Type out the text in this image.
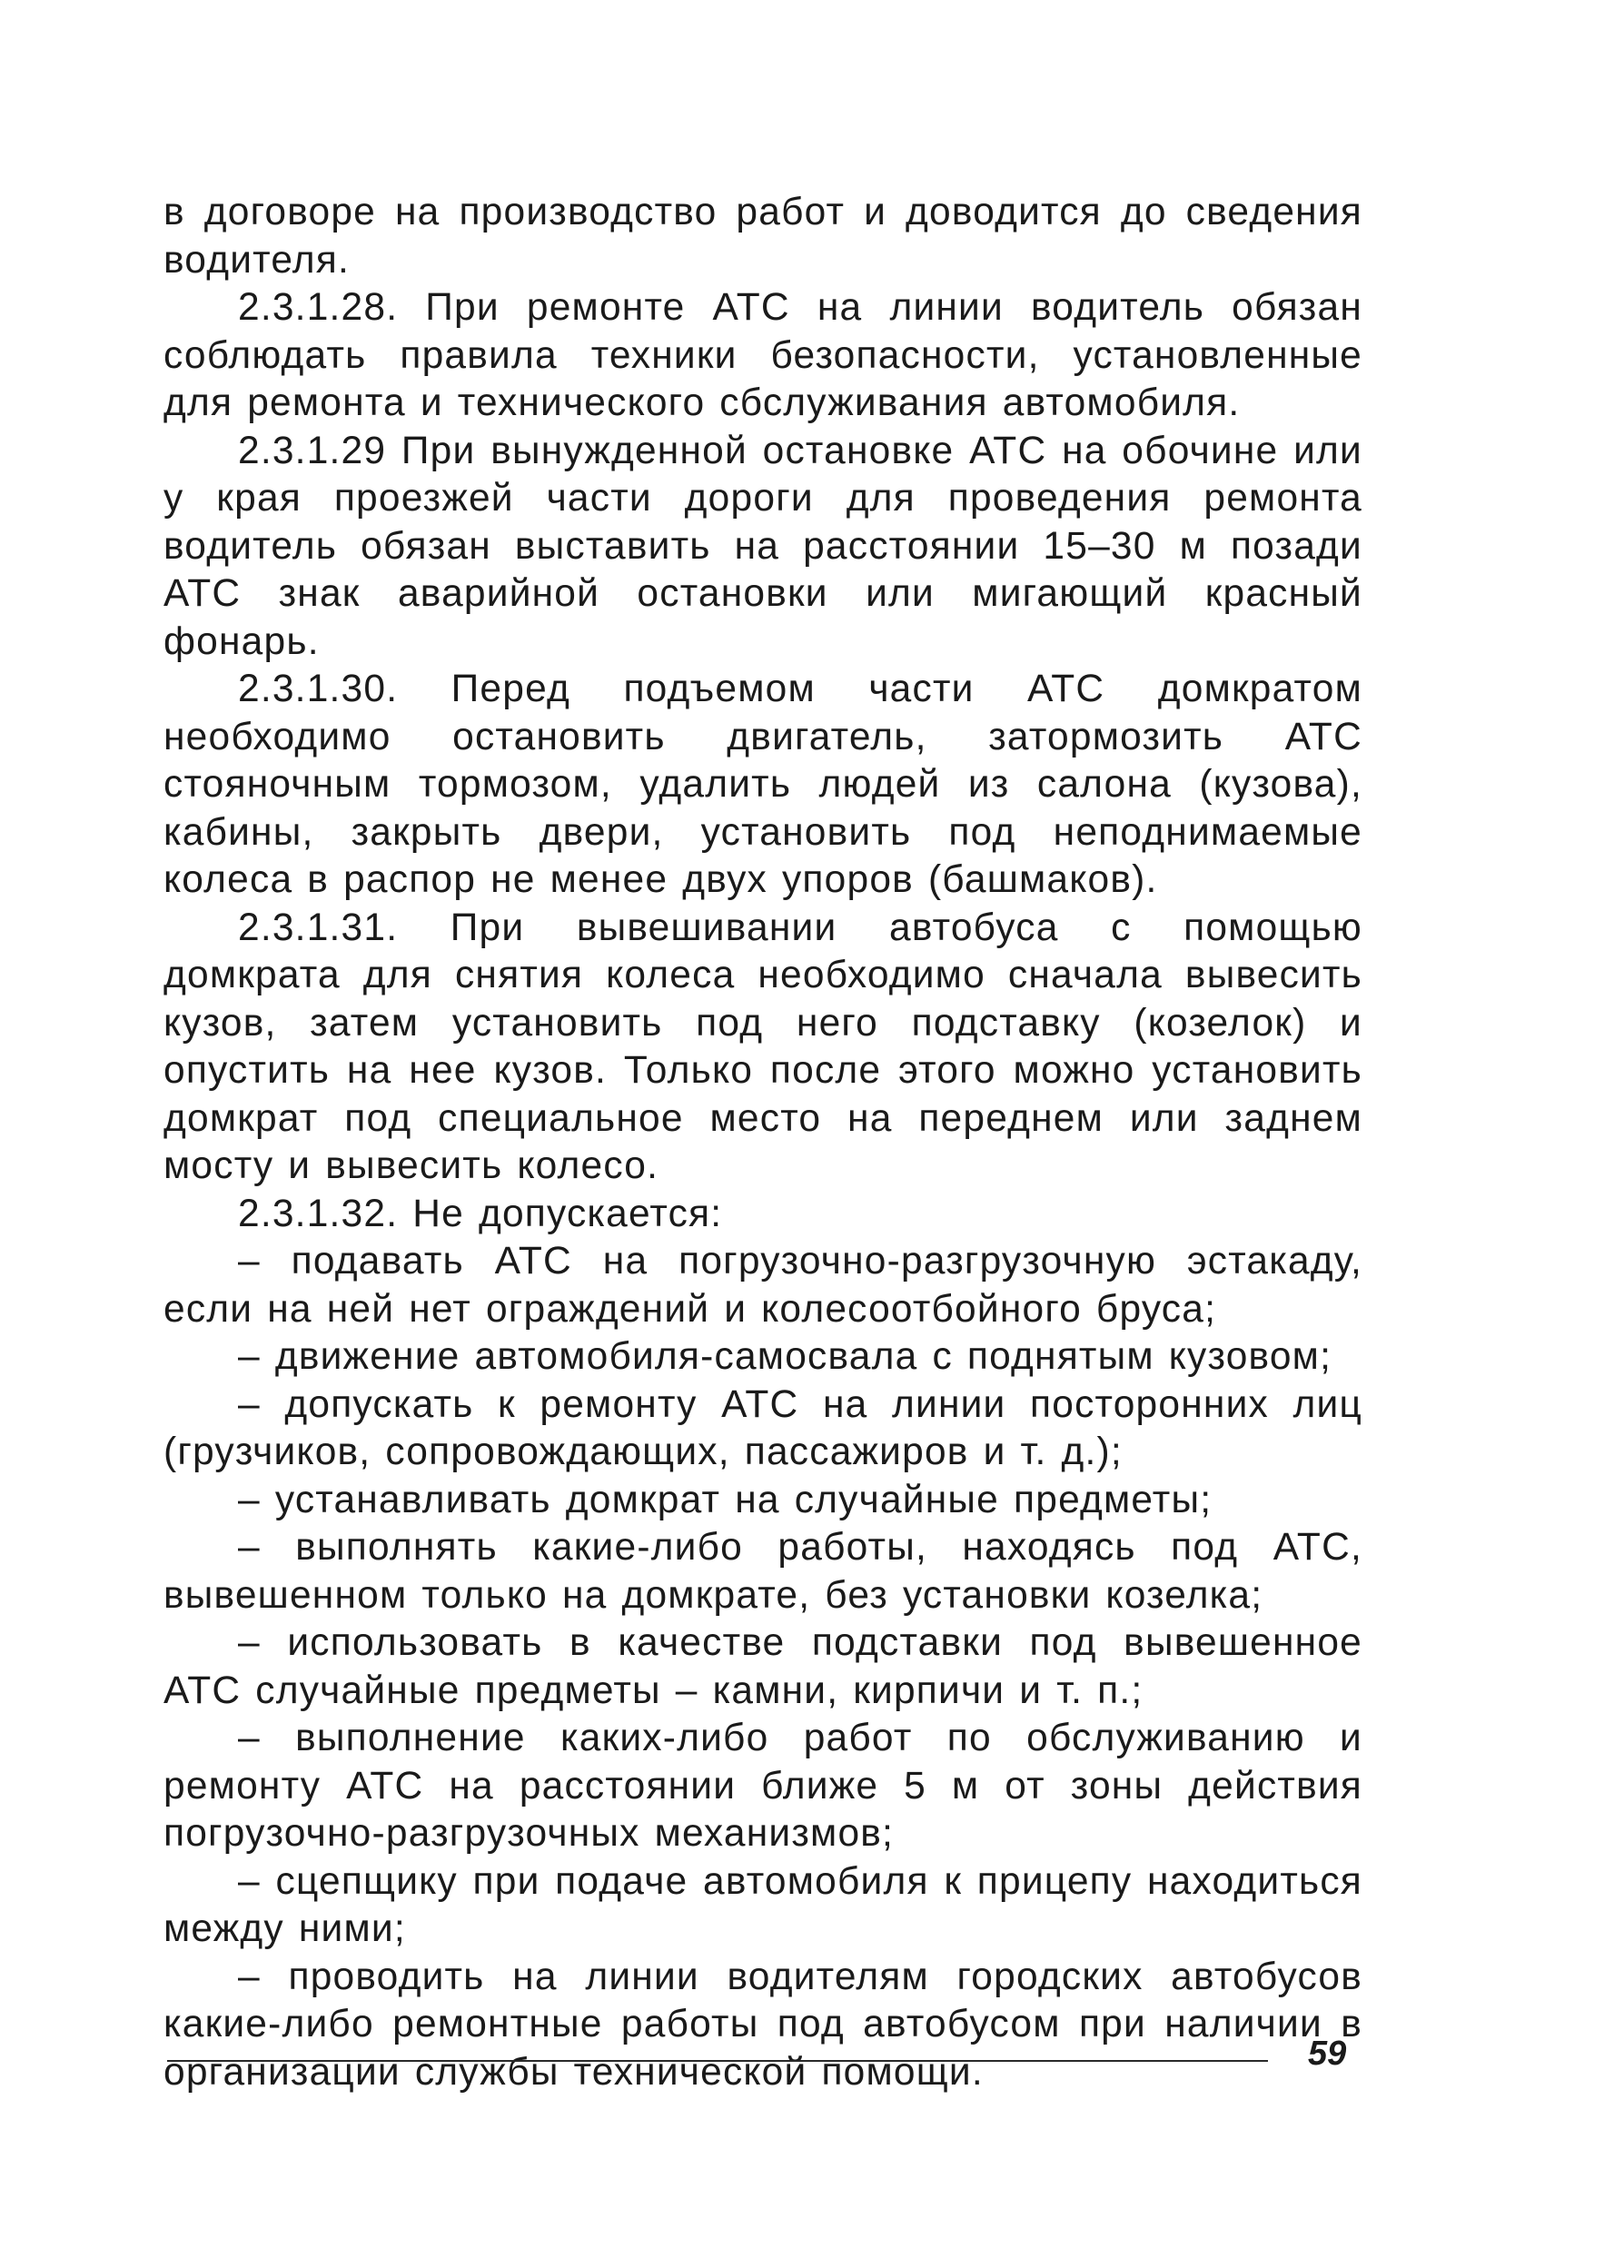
в договоре на производство работ и доводится до сведения водителя.

2.3.1.28. При ремонте АТС на линии водитель обязан соблюдать правила техники безопасности, установленные для ремонта и технического сбслуживания автомобиля.

2.3.1.29 При вынужденной остановке АТС на обочине или у края проезжей части дороги для проведения ремонта водитель обязан выставить на расстоянии 15–30 м позади АТС знак аварийной остановки или мигающий красный фонарь.

2.3.1.30. Перед подъемом части АТС домкратом необходимо остановить двигатель, затормозить АТС стояночным тормозом, удалить людей из салона (кузова), кабины, закрыть двери, установить под неподнимаемые колеса в распор не менее двух упоров (башмаков).

2.3.1.31. При вывешивании автобуса с помощью домкрата для снятия колеса необходимо сначала вывесить кузов, затем установить под него подставку (козелок) и опустить на нее кузов. Только после этого можно установить домкрат под специальное место на переднем или заднем мосту и вывесить колесо.

2.3.1.32. Не допускается:

– подавать АТС на погрузочно-разгрузочную эстакаду, если на ней нет ограждений и колесоотбойного бруса;

– движение автомобиля-самосвала с поднятым кузовом;

– допускать к ремонту АТС на линии посторонних лиц (грузчиков, сопровождающих, пассажиров и т. д.);

– устанавливать домкрат на случайные предметы;

– выполнять какие-либо работы, находясь под АТС, вывешенном только на домкрате, без установки козелка;

– использовать в качестве подставки под вывешенное АТС случайные предметы – камни, кирпичи и т. п.;

– выполнение каких-либо работ по обслуживанию и ремонту АТС на расстоянии ближе 5 м от зоны действия погрузочно-разгрузочных механизмов;

– сцепщику при подаче автомобиля к прицепу находиться между ними;

– проводить на линии водителям городских автобусов какие-либо ремонтные работы под автобусом при наличии в организации службы технической помощи.	59
